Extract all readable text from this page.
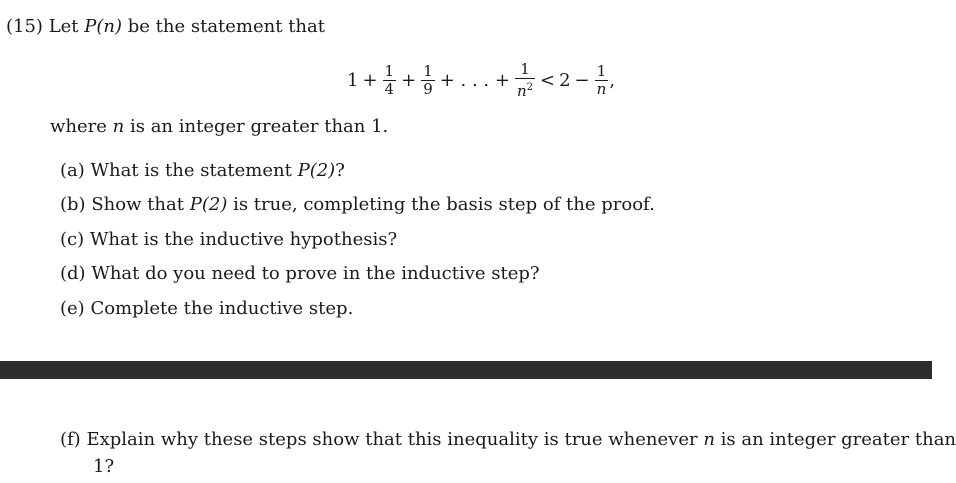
(15) Let P(n) be the statement that
$1 + \frac{1}{4} + \frac{1}{9}$ + . . . + $\frac{1}{n^2} < 2 - \frac{1}{n}$ ,
where n is an integer greater than 1.
(a) What is the statement P(2)?
(b) Show that P(2) is true, completing the basis step of the proof.
(c) What is the inductive hypothesis?
(d) What do you need to prove in the inductive step?
(e) Complete the inductive step.
(f) Explain why these steps show that this inequality is true whenever n is an integer greater than
1?
